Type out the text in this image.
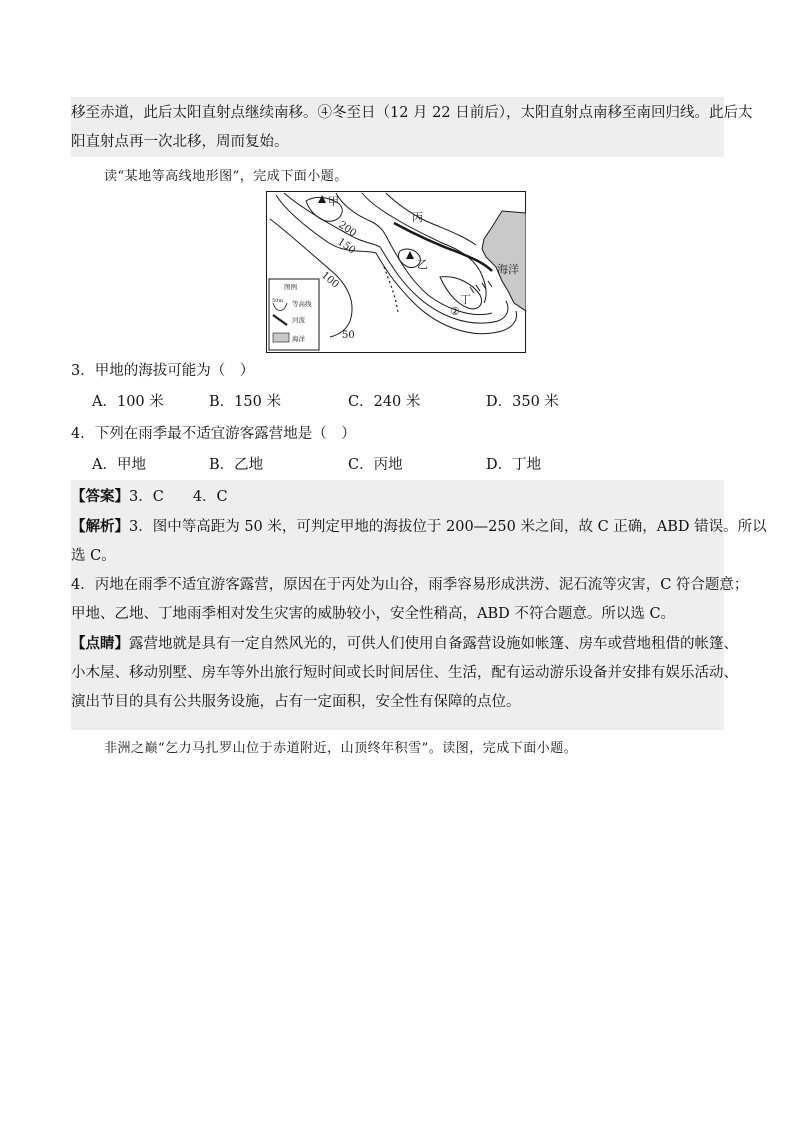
移至赤道，此后太阳直射点继续南移。④冬至日（12 月 22 日前后），太阳直射点南移至南回归线。此后太
阳直射点再一次北移，周而复始。
读“某地等高线地形图”，完成下面小题。
甲
丙
乙
丁
②
海洋
200
150
100
50
图例
50m 等高线
河流
海洋
3．甲地的海拔可能为（　）
A．100 米	B．150 米	C．240 米	D．350 米
4．下列在雨季最不适宜游客露营地是（　）
A．甲地	B．乙地	C．丙地	D．丁地
【答案】3．C　　4．C
【解析】3．图中等高距为 50 米，可判定甲地的海拔位于 200—250 米之间，故 C 正确，ABD 错误。所以
选 C。
4．丙地在雨季不适宜游客露营，原因在于丙处为山谷，雨季容易形成洪涝、泥石流等灾害，C 符合题意；
甲地、乙地、丁地雨季相对发生灾害的威胁较小，安全性稍高，ABD 不符合题意。所以选 C。
【点睛】露营地就是具有一定自然风光的，可供人们使用自备露营设施如帐篷、房车或营地租借的帐篷、
小木屋、移动别墅、房车等外出旅行短时间或长时间居住、生活，配有运动游乐设备并安排有娱乐活动、
演出节目的具有公共服务设施，占有一定面积，安全性有保障的点位。
非洲之巅“乞力马扎罗山位于赤道附近，山顶终年积雪”。读图，完成下面小题。
